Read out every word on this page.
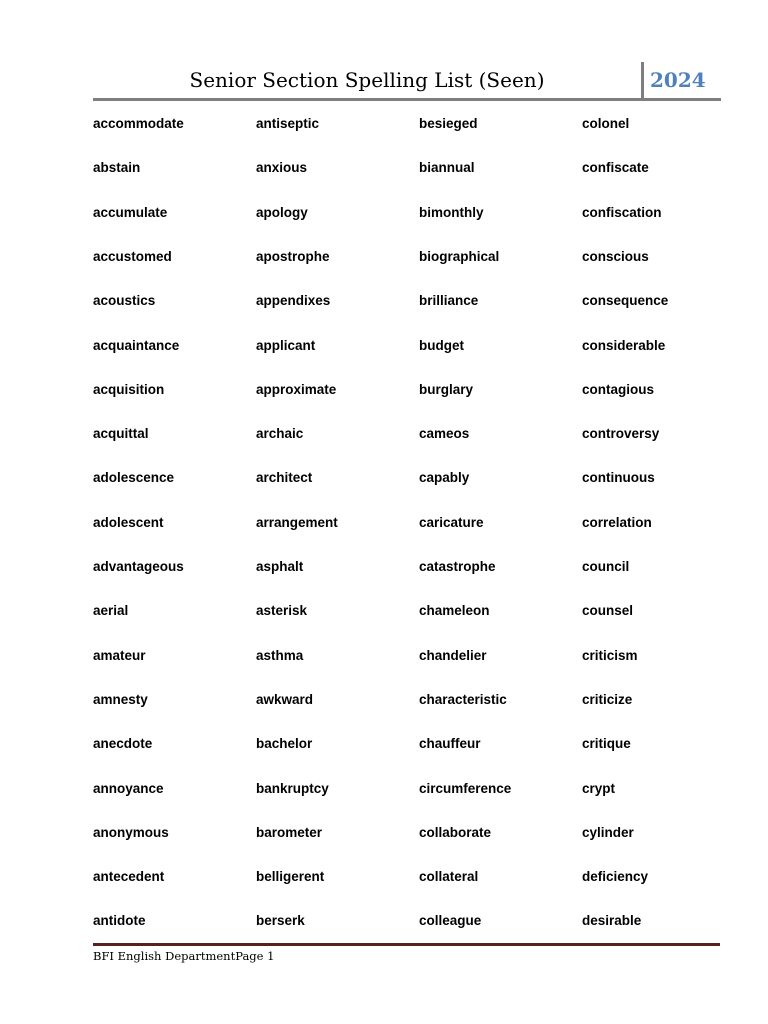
Senior Section Spelling List (Seen)	2024
accommodate
abstain
accumulate
accustomed
acoustics
acquaintance
acquisition
acquittal
adolescence
adolescent
advantageous
aerial
amateur
amnesty
anecdote
annoyance
anonymous
antecedent
antidote
antiseptic
anxious
apology
apostrophe
appendixes
applicant
approximate
archaic
architect
arrangement
asphalt
asterisk
asthma
awkward
bachelor
bankruptcy
barometer
belligerent
berserk
besieged
biannual
bimonthly
biographical
brilliance
budget
burglary
cameos
capably
caricature
catastrophe
chameleon
chandelier
characteristic
chauffeur
circumference
collaborate
collateral
colleague
colonel
confiscate
confiscation
conscious
consequence
considerable
contagious
controversy
continuous
correlation
council
counsel
criticism
criticize
critique
crypt
cylinder
deficiency
desirable
BFI English DepartmentPage 1
